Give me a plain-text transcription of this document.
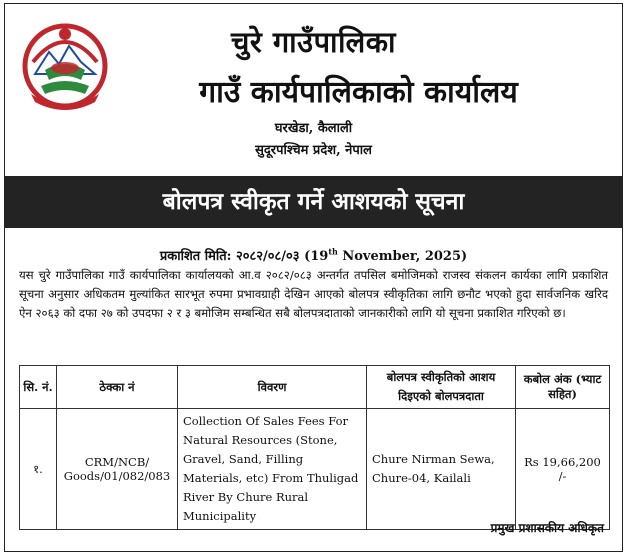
चुरे गाउँपालिका
गाउँ कार्यपालिकाको कार्यालय
घरखेडा, कैलाली
सुदूरपश्चिम प्रदेश, नेपाल
बोलपत्र स्वीकृत गर्ने आशयको सूचना
प्रकाशित मिति: २०८२/०८/०३ (19th November, 2025)
यस चुरे गाउँपालिका गाउँ कार्यपालिका कार्यालयको आ.व २०८२/०८३ अन्तर्गत तपसिल बमोजिमको राजस्व संकलन कार्यका लागि प्रकाशित सूचना अनुसार अधिकतम मुल्यांकित सारभूत रुपमा प्रभावग्राही देखिन आएको बोलपत्र स्वीकृतिका लागि छनौट भएको हुदा सार्वजनिक खरिद ऐन २०६३ को दफा २७ को उपदफा २ र ३ बमोजिम सम्बन्धित सबै बोलपत्रदाताको जानकारीको लागि यो सूचना प्रकाशित गरिएको छ।
सि. नं.	ठेक्का नं	विवरण	बोलपत्र स्वीकृतिको आशय दिइएको बोलपत्रदाता	कबोल अंक (भ्याट सहित)
१.	CRM/NCB/ Goods/01/082/083	Collection Of Sales Fees For Natural Resources (Stone, Gravel, Sand, Filling Materials, etc) From Thuligad River By Chure Rural Municipality	Chure Nirman Sewa, Chure-04, Kailali	Rs 19,66,200 /-
प्रमुख प्रशासकीय अधिकृत
